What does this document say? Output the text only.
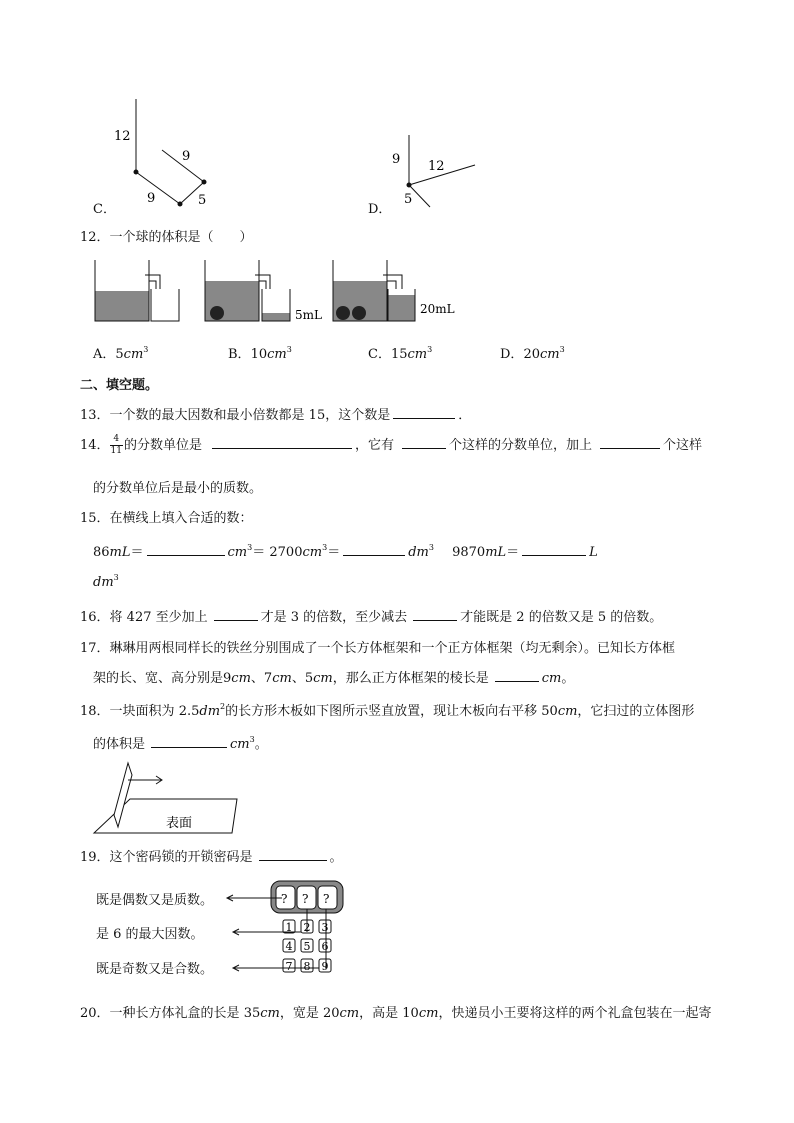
C．
12
9
9	5
D．
9 12
5
12．一个球的体积是（　　）
5mL	20mL
A．$5cm^3$	B．$10cm^3$	C．$15cm^3$	D．$20cm^3$
二、填空题。
13．一个数的最大因数和最小倍数都是 15，这个数是	．
14． $\frac{4}{11}$ 的分数单位是	，它有	个这样的分数单位，加上	个这样
的分数单位后是最小的质数。
15．在横线上填入合适的数：
86mL＝	$cm^3= 2700cm^3=$	$dm^3$ 9870mL＝	L
$dm^3$
16．将 427 至少加上	才是 3 的倍数，至少减去	才能既是 2 的倍数又是 5 的倍数。
17．琳琳用两根同样长的铁丝分别围成了一个长方体框架和一个正方体框架（均无剩余）。已知长方体框
架的长、宽、高分别是9cm、7cm、5cm，那么正方体框架的棱长是	cm。
18．一块面积为 $2.5dm^2$的长方形木板如下图所示竖直放置，现让木板向右平移 50cm，它扫过的立体图形
的体积是	$cm^3$。
表面
19．这个密码锁的开锁密码是	。
既是偶数又是质数。
是 6 的最大因数。
既是奇数又是合数。
? ? ?
1 2 3
4 5 6
7 8 9
20．一种长方体礼盒的长是 35cm，宽是 20cm，高是 10cm，快递员小王要将这样的两个礼盒包装在一起寄
